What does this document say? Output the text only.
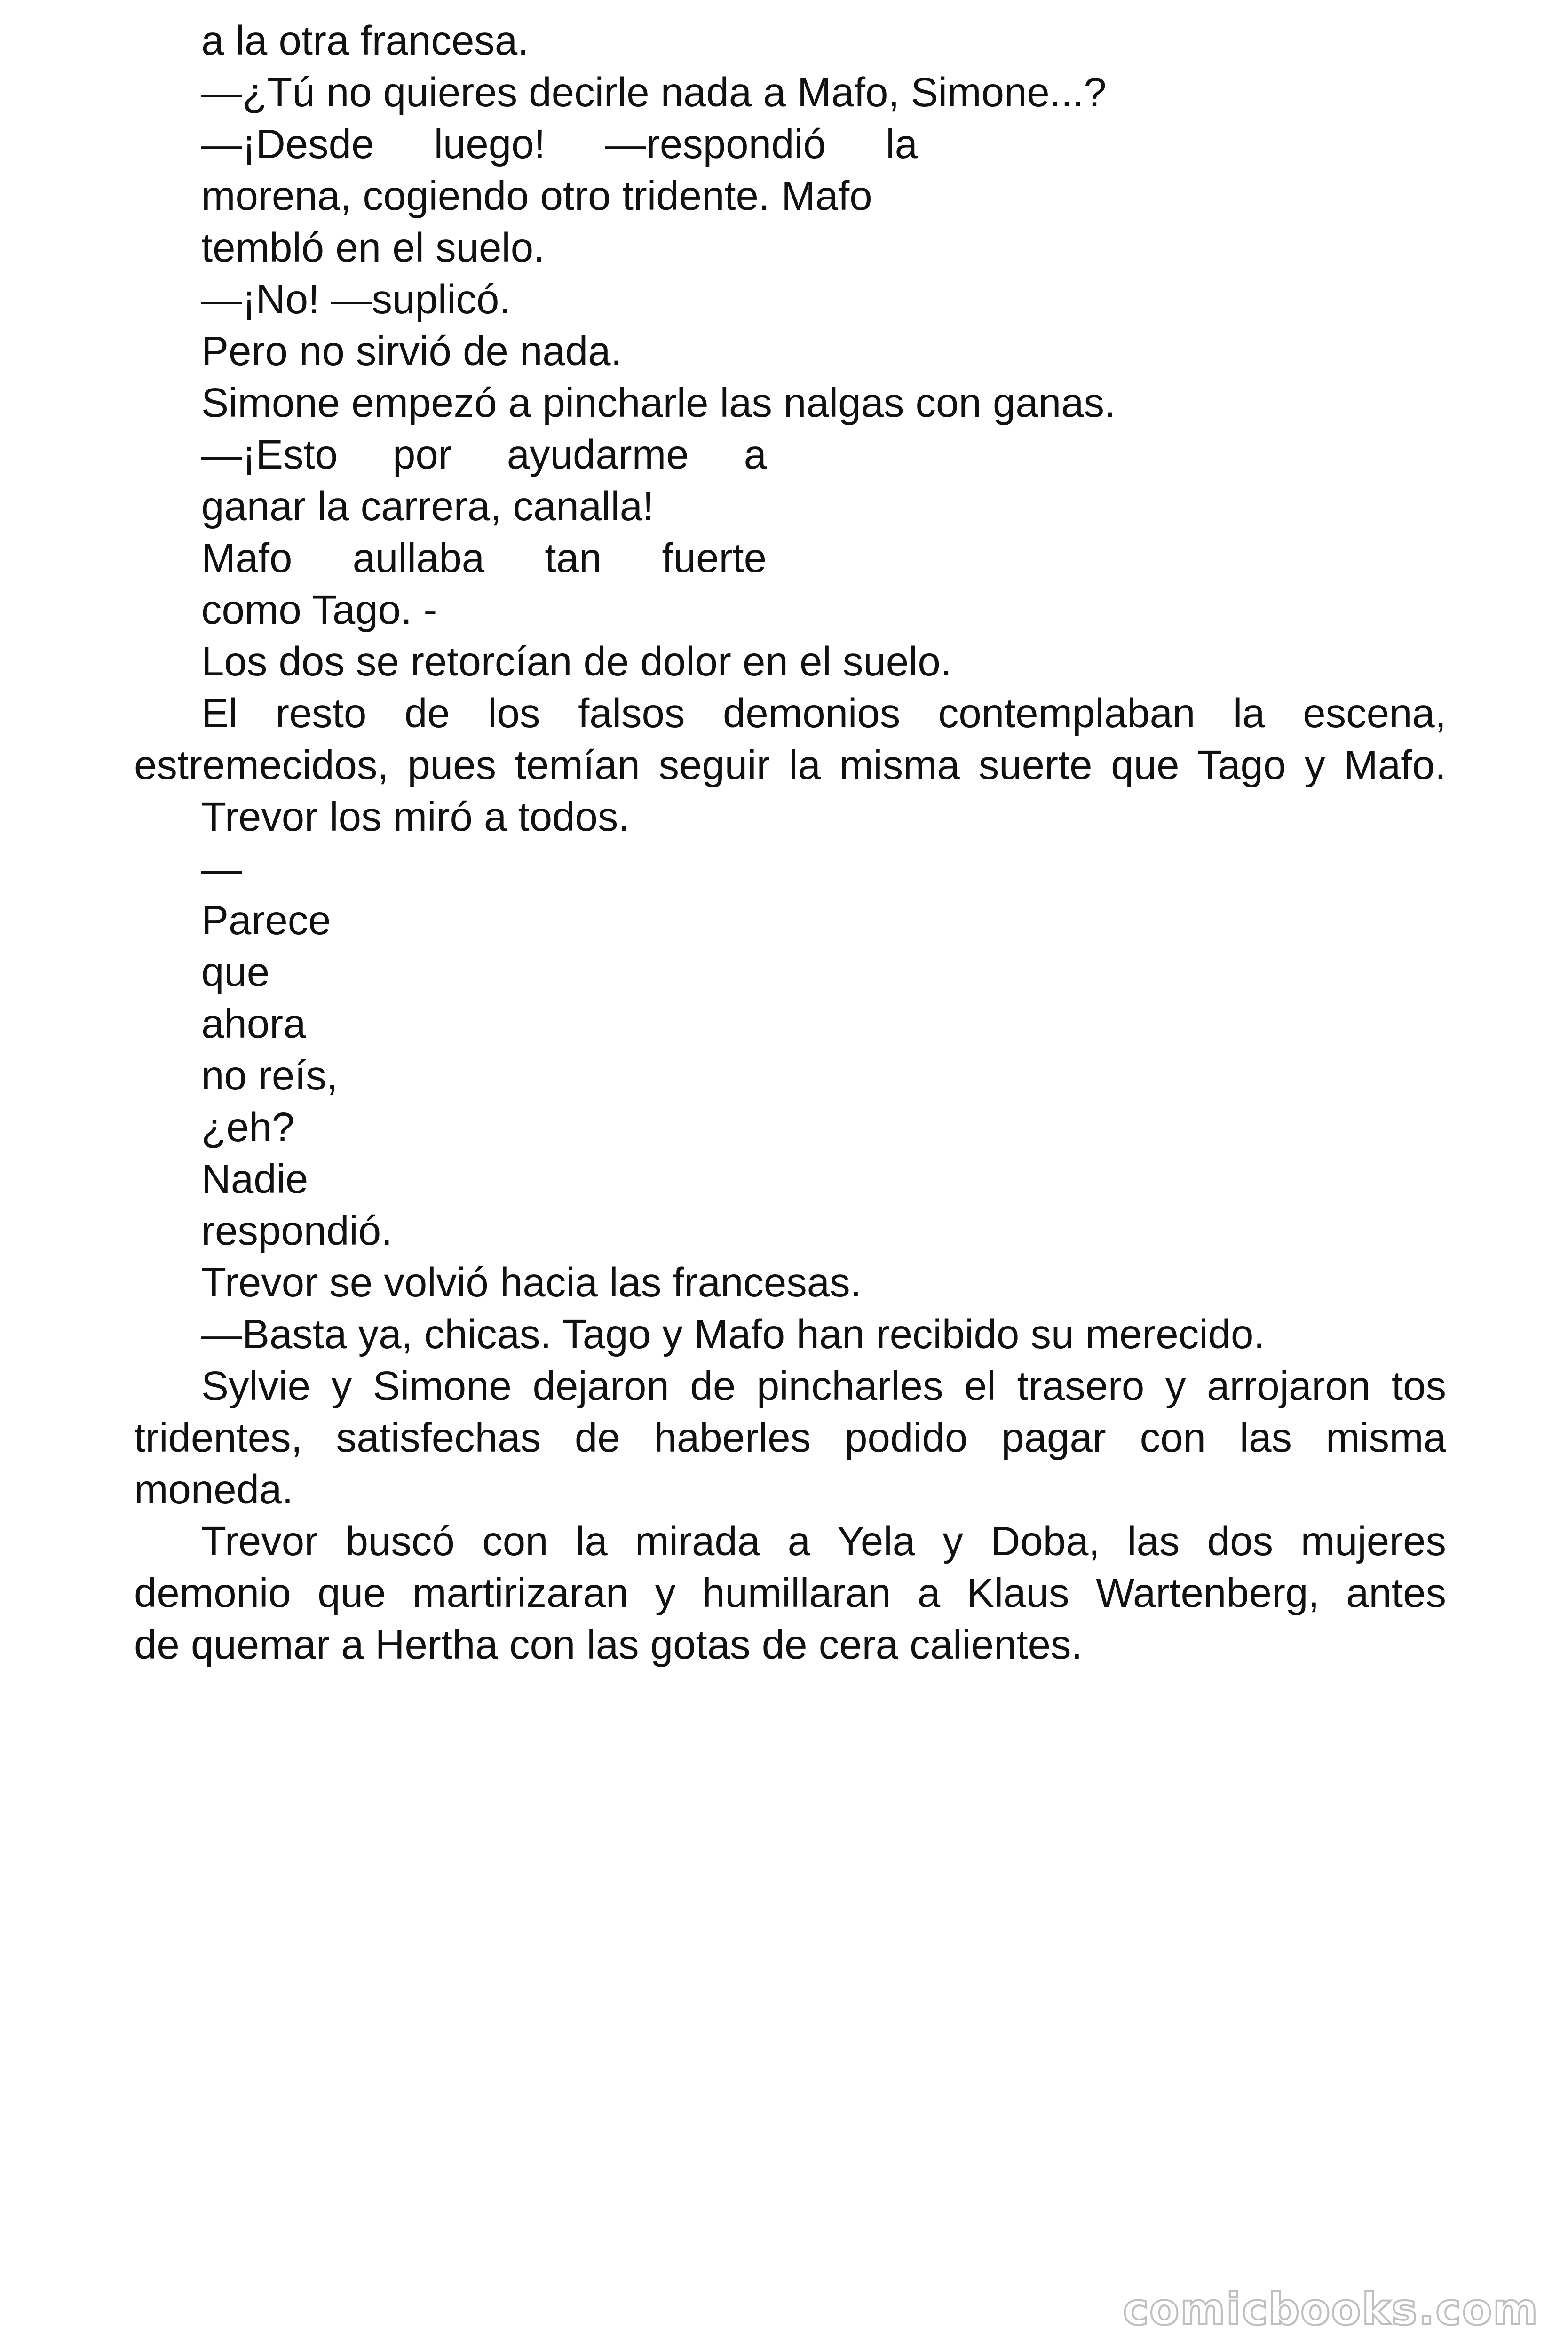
a la otra francesa.
—¿Tú no quieres decirle nada a Mafo, Simone...?
—¡Desde luego! —respondió la
morena, cogiendo otro tridente. Mafo
tembló en el suelo.
—¡No! —suplicó.
Pero no sirvió de nada.
Simone empezó a pincharle las nalgas con ganas.
—¡Esto por ayudarme a
ganar la carrera, canalla!
Mafo aullaba tan fuerte
como Tago. -
Los dos se retorcían de dolor en el suelo.
El resto de los falsos demonios contemplaban la escena,
estremecidos, pues temían seguir la misma suerte que Tago y Mafo.
Trevor los miró a todos.
—
Parece
que
ahora
no reís,
¿eh?
Nadie
respondió.
Trevor se volvió hacia las francesas.
—Basta ya, chicas. Tago y Mafo han recibido su merecido.
Sylvie y Simone dejaron de pincharles el trasero y arrojaron tos
tridentes, satisfechas de haberles podido pagar con las misma
moneda.
Trevor buscó con la mirada a Yela y Doba, las dos mujeres
demonio que martirizaran y humillaran a Klaus Wartenberg, antes
de quemar a Hertha con las gotas de cera calientes.
comicbooks.com
